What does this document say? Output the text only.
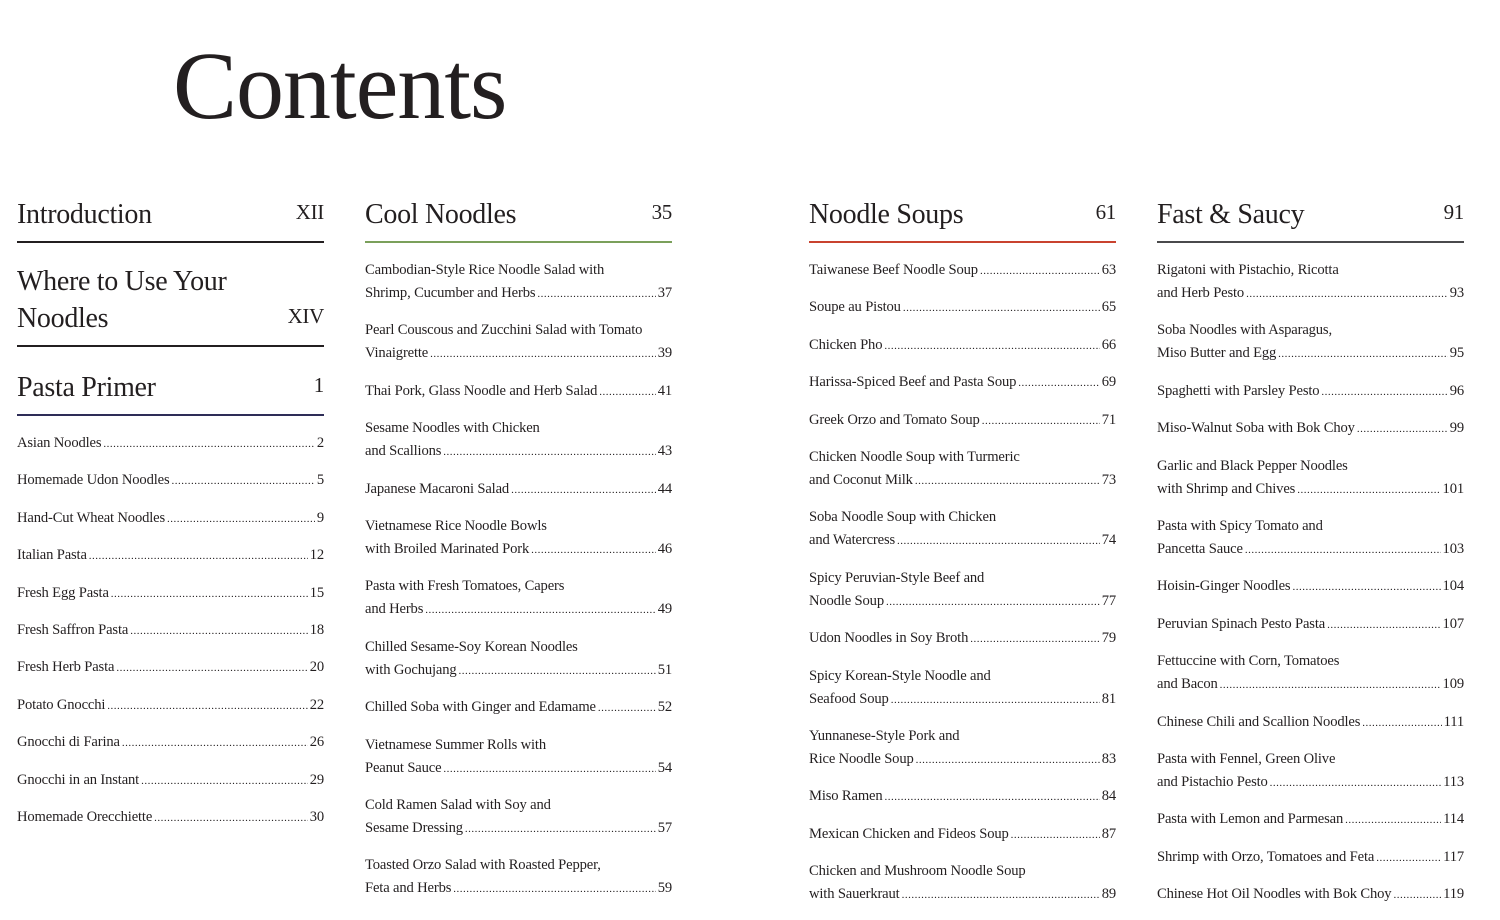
Contents
Introduction	XII
Where to Use Your
Noodles	XIV
Pasta Primer	1
Asian Noodles .....	2
Homemade Udon Noodles .....	5
Hand-Cut Wheat Noodles .....	9
Italian Pasta .....	12
Fresh Egg Pasta .....	15
Fresh Saffron Pasta .....	18
Fresh Herb Pasta .....	20
Potato Gnocchi .....	22
Gnocchi di Farina .....	26
Gnocchi in an Instant .....	29
Homemade Orecchiette .....	30
Cool Noodles	35
Cambodian-Style Rice Noodle Salad with
Shrimp, Cucumber and Herbs .....	37
Pearl Couscous and Zucchini Salad with Tomato
Vinaigrette .....	39
Thai Pork, Glass Noodle and Herb Salad .....	41
Sesame Noodles with Chicken
and Scallions .....	43
Japanese Macaroni Salad .....	44
Vietnamese Rice Noodle Bowls
with Broiled Marinated Pork .....	46
Pasta with Fresh Tomatoes, Capers
and Herbs .....	49
Chilled Sesame-Soy Korean Noodles
with Gochujang .....	51
Chilled Soba with Ginger and Edamame .....	52
Vietnamese Summer Rolls with
Peanut Sauce .....	54
Cold Ramen Salad with Soy and
Sesame Dressing .....	57
Toasted Orzo Salad with Roasted Pepper,
Feta and Herbs .....	59
Noodle Soups	61
Taiwanese Beef Noodle Soup .....	63
Soupe au Pistou .....	65
Chicken Pho .....	66
Harissa-Spiced Beef and Pasta Soup .....	69
Greek Orzo and Tomato Soup .....	71
Chicken Noodle Soup with Turmeric
and Coconut Milk .....	73
Soba Noodle Soup with Chicken
and Watercress .....	74
Spicy Peruvian-Style Beef and
Noodle Soup .....	77
Udon Noodles in Soy Broth .....	79
Spicy Korean-Style Noodle and
Seafood Soup .....	81
Yunnanese-Style Pork and
Rice Noodle Soup .....	83
Miso Ramen .....	84
Mexican Chicken and Fideos Soup .....	87
Chicken and Mushroom Noodle Soup
with Sauerkraut .....	89
Fast & Saucy	91
Rigatoni with Pistachio, Ricotta
and Herb Pesto .....	93
Soba Noodles with Asparagus,
Miso Butter and Egg .....	95
Spaghetti with Parsley Pesto .....	96
Miso-Walnut Soba with Bok Choy .....	99
Garlic and Black Pepper Noodles
with Shrimp and Chives .....	101
Pasta with Spicy Tomato and
Pancetta Sauce .....	103
Hoisin-Ginger Noodles .....	104
Peruvian Spinach Pesto Pasta .....	107
Fettuccine with Corn, Tomatoes
and Bacon .....	109
Chinese Chili and Scallion Noodles .....	111
Pasta with Fennel, Green Olive
and Pistachio Pesto .....	113
Pasta with Lemon and Parmesan .....	114
Shrimp with Orzo, Tomatoes and Feta .....	117
Chinese Hot Oil Noodles with Bok Choy .....	119
